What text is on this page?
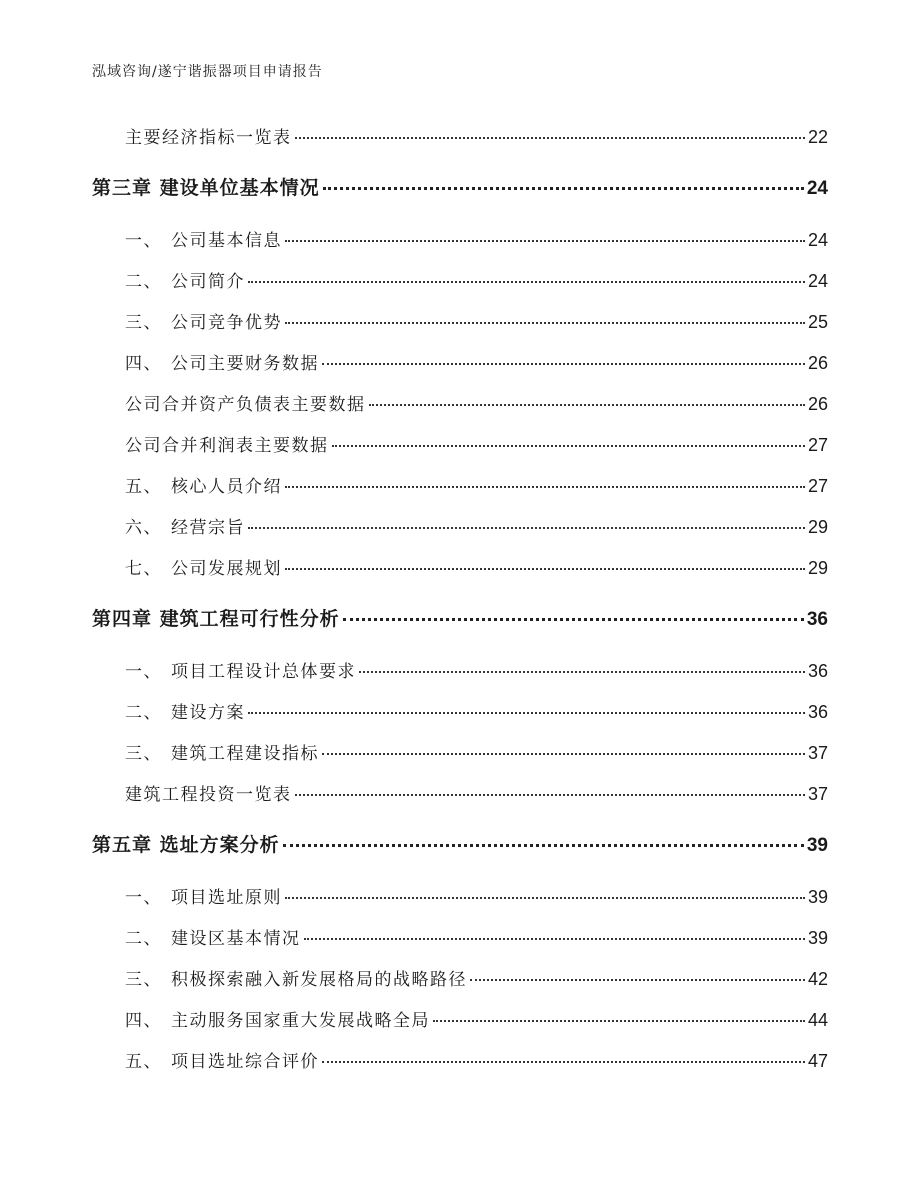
泓域咨询/遂宁谐振器项目申请报告
主要经济指标一览表	22
第三章 建设单位基本情况	24
一、 公司基本信息	24
二、 公司简介	24
三、 公司竞争优势	25
四、 公司主要财务数据	26
公司合并资产负债表主要数据	26
公司合并利润表主要数据	27
五、 核心人员介绍	27
六、 经营宗旨	29
七、 公司发展规划	29
第四章 建筑工程可行性分析	36
一、 项目工程设计总体要求	36
二、 建设方案	36
三、 建筑工程建设指标	37
建筑工程投资一览表	37
第五章 选址方案分析	39
一、 项目选址原则	39
二、 建设区基本情况	39
三、 积极探索融入新发展格局的战略路径	42
四、 主动服务国家重大发展战略全局	44
五、 项目选址综合评价	47
